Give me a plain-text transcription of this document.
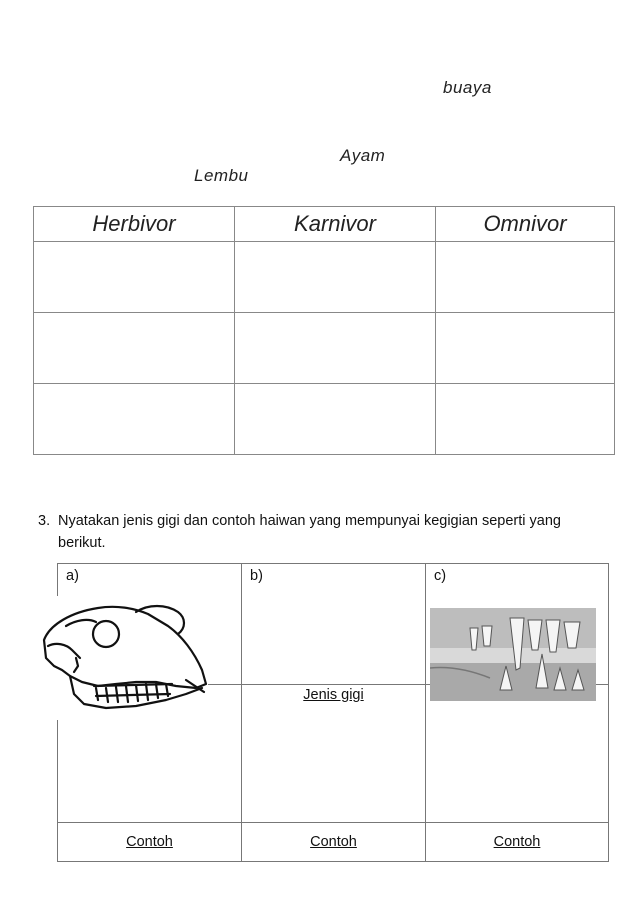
buaya
Ayam
Lembu
Herbivor	Karnivor	Omnivor

3. Nyatakan jenis gigi dan contoh haiwan yang mempunyai kegigian seperti yang berikut.
a)	b)	c)

	Jenis gigi	

Contoh	Contoh	Contoh
